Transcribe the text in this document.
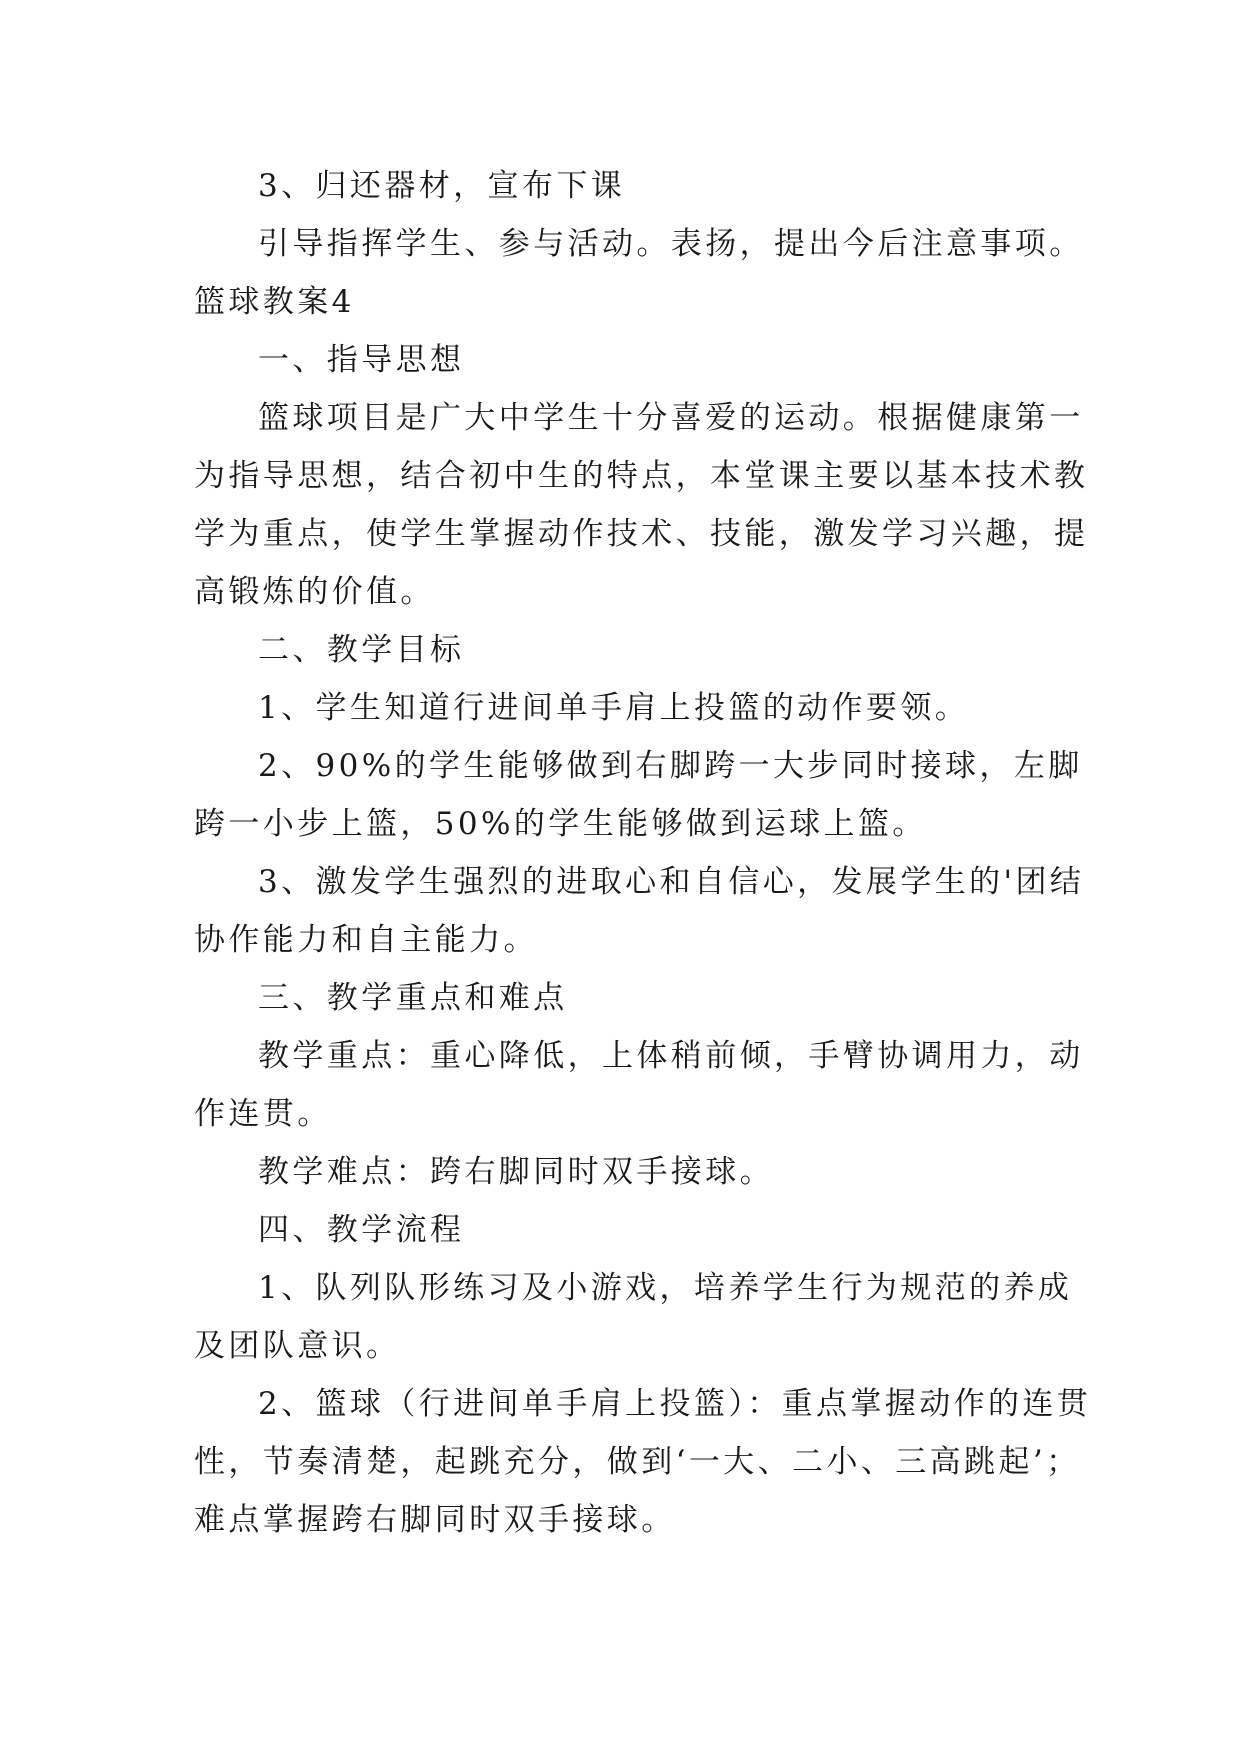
3、归还器材，宣布下课
引导指挥学生、参与活动。表扬，提出今后注意事项。
篮球教案4
一、指导思想
篮球项目是广大中学生十分喜爱的运动。根据健康第一
为指导思想，结合初中生的特点，本堂课主要以基本技术教
学为重点，使学生掌握动作技术、技能，激发学习兴趣，提
高锻炼的价值。
二、教学目标
1、学生知道行进间单手肩上投篮的动作要领。
2、90%的学生能够做到右脚跨一大步同时接球，左脚
跨一小步上篮，50%的学生能够做到运球上篮。
3、激发学生强烈的进取心和自信心，发展学生的'团结
协作能力和自主能力。
三、教学重点和难点
教学重点：重心降低，上体稍前倾，手臂协调用力，动
作连贯。
教学难点：跨右脚同时双手接球。
四、教学流程
1、队列队形练习及小游戏，培养学生行为规范的养成
及团队意识。
2、篮球（行进间单手肩上投篮）：重点掌握动作的连贯
性，节奏清楚，起跳充分，做到‘一大、二小、三高跳起’；
难点掌握跨右脚同时双手接球。
